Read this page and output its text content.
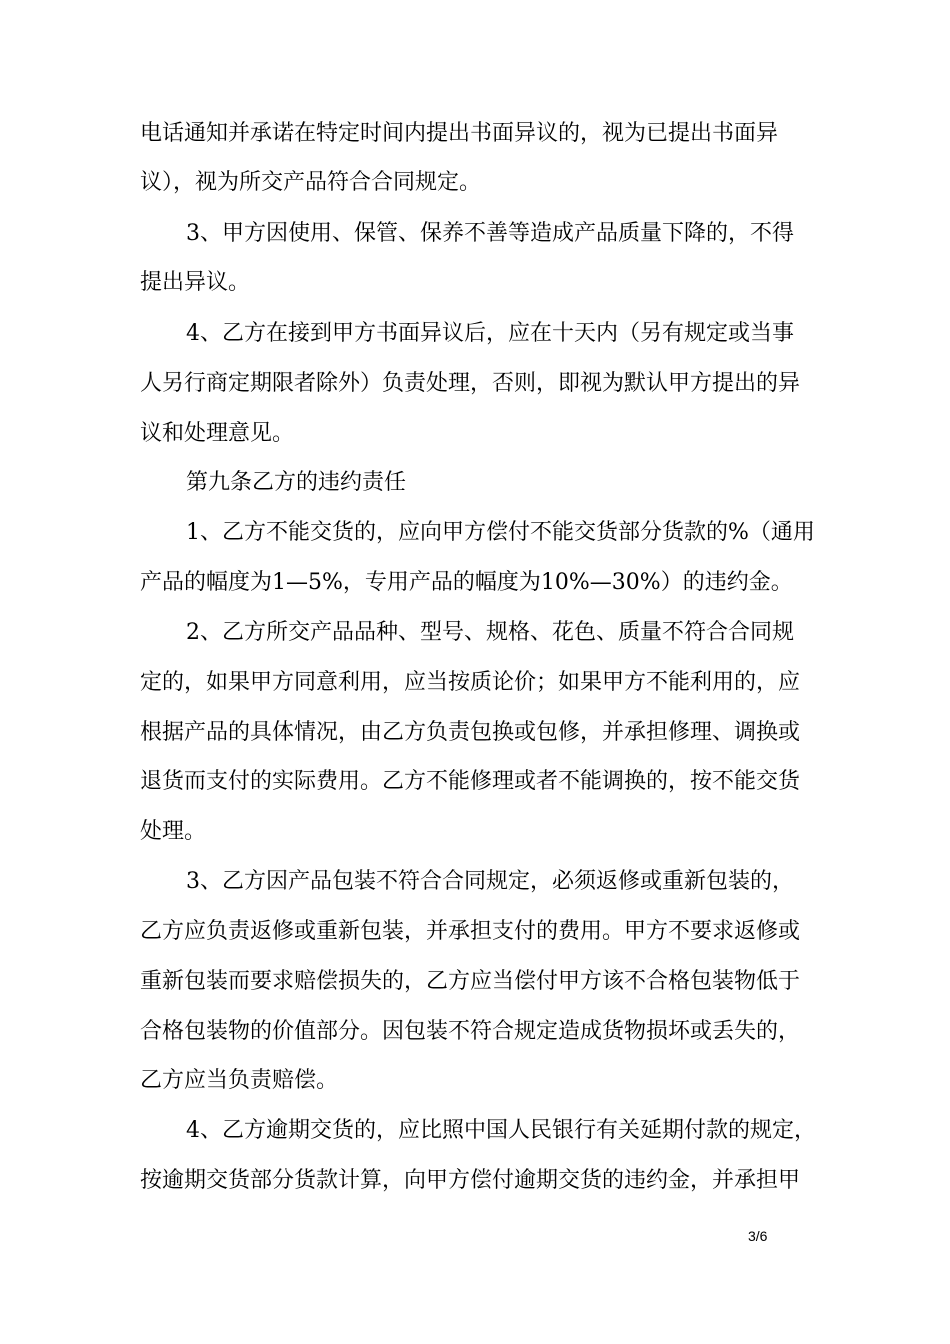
电话通知并承诺在特定时间内提出书面异议的，视为已提出书面异
议），视为所交产品符合合同规定。
3、甲方因使用、保管、保养不善等造成产品质量下降的，不得
提出异议。
4、乙方在接到甲方书面异议后，应在十天内（另有规定或当事
人另行商定期限者除外）负责处理，否则，即视为默认甲方提出的异
议和处理意见。
第九条乙方的违约责任
1、乙方不能交货的，应向甲方偿付不能交货部分货款的%（通用
产品的幅度为1—5%，专用产品的幅度为10%—30%）的违约金。
2、乙方所交产品品种、型号、规格、花色、质量不符合合同规
定的，如果甲方同意利用，应当按质论价；如果甲方不能利用的，应
根据产品的具体情况，由乙方负责包换或包修，并承担修理、调换或
退货而支付的实际费用。乙方不能修理或者不能调换的，按不能交货
处理。
3、乙方因产品包装不符合合同规定，必须返修或重新包装的，
乙方应负责返修或重新包装，并承担支付的费用。甲方不要求返修或
重新包装而要求赔偿损失的，乙方应当偿付甲方该不合格包装物低于
合格包装物的价值部分。因包装不符合规定造成货物损坏或丢失的，
乙方应当负责赔偿。
4、乙方逾期交货的，应比照中国人民银行有关延期付款的规定，
按逾期交货部分货款计算，向甲方偿付逾期交货的违约金，并承担甲
3/6
